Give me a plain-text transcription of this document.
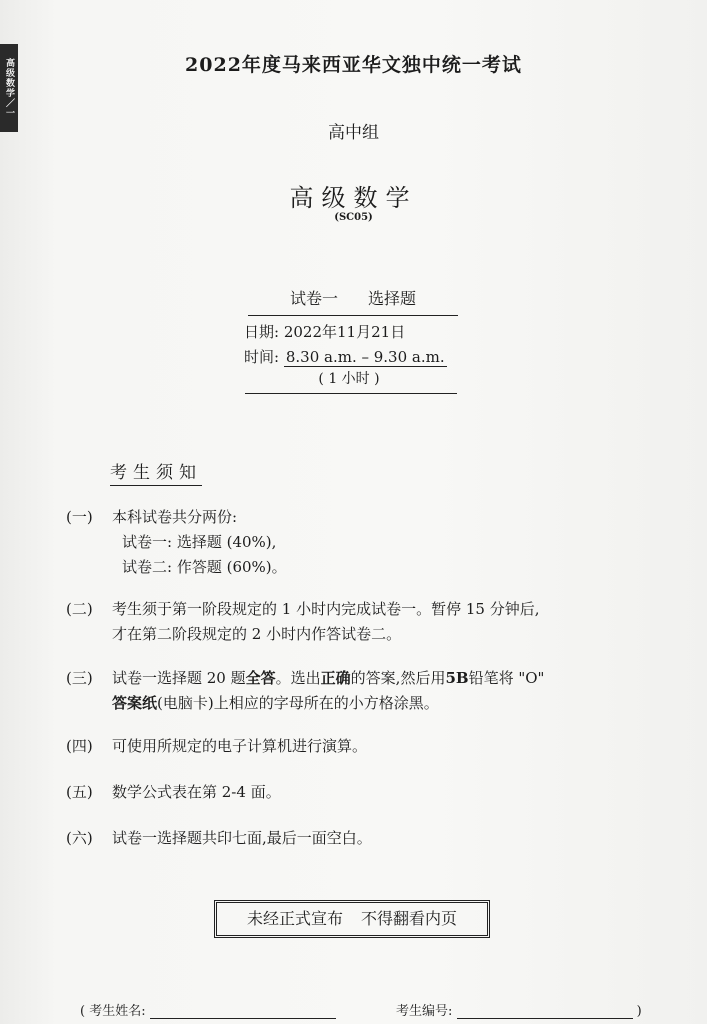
高级数学／一	2022年度马来西亚华文独中统一考试
高中组
高级数学
(SC05)
试卷一 选择题
日期: 2022年11月21日
时间: 8.30 a.m. – 9.30 a.m.
( 1 小时 )
考生须知
(一) 本科试卷共分两份:
试卷一: 选择题 (40%),
试卷二: 作答题 (60%)。
(二) 考生须于第一阶段规定的 1 小时内完成试卷一。暂停 15 分钟后,
才在第二阶段规定的 2 小时内作答试卷二。
(三) 试卷一选择题 20 题全答。选出正确的答案,然后用5B铅笔将 "O"
答案纸(电脑卡)上相应的字母所在的小方格涂黑。
(四) 可使用所规定的电子计算机进行演算。
(五) 数学公式表在第 2-4 面。
(六) 试卷一选择题共印七面,最后一面空白。
未经正式宣布 不得翻看内页
( 考生姓名:	考生编号:	)
